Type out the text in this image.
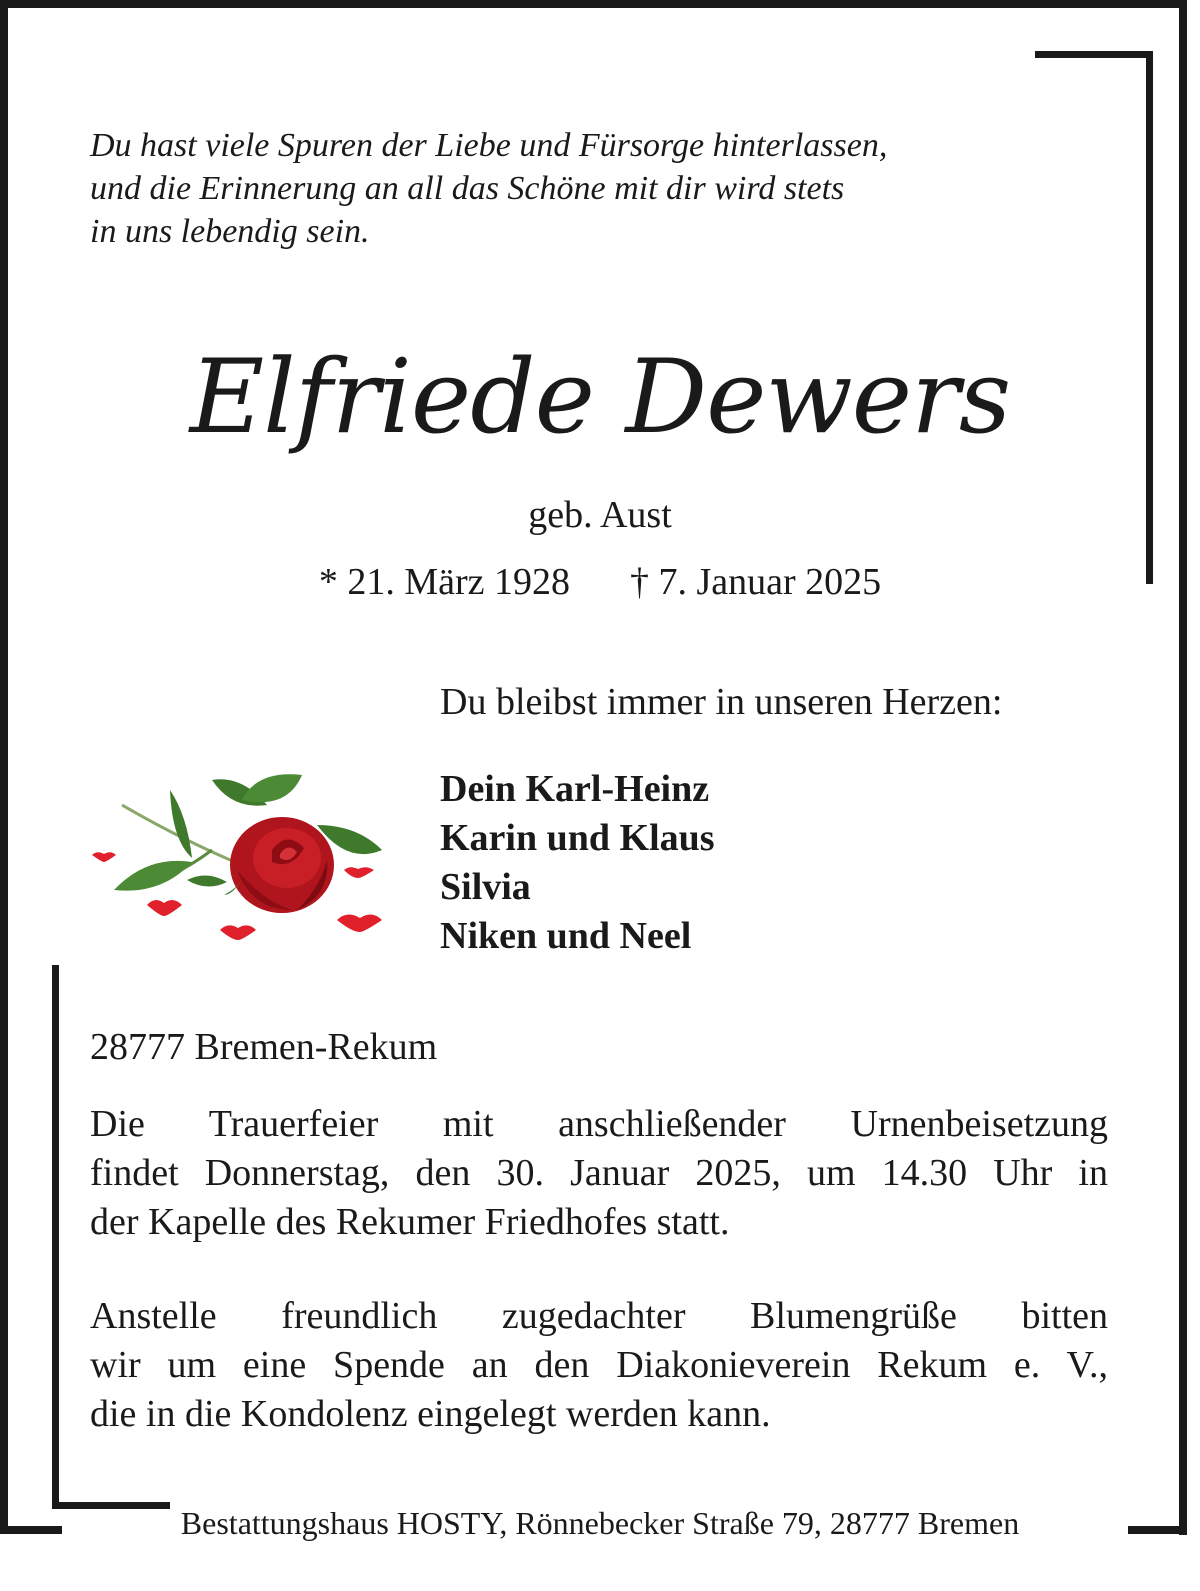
Du hast viele Spuren der Liebe und Fürsorge hinterlassen,
und die Erinnerung an all das Schöne mit dir wird stets
in uns lebendig sein.

Elfriede Dewers
geb. Aust
* 21. März 1928 † 7. Januar 2025
Du bleibst immer in unseren Herzen:
Dein Karl-Heinz
Karin und Klaus
Silvia
Niken und Neel
28777 Bremen-Rekum

Die Trauerfeier mit anschließender Urnenbeisetzung
findet Donnerstag, den 30. Januar 2025, um 14.30 Uhr in
der Kapelle des Rekumer Friedhofes statt.

Anstelle freundlich zugedachter Blumengrüße bitten
wir um eine Spende an den Diakonieverein Rekum e. V.,
die in die Kondolenz eingelegt werden kann.

Bestattungshaus HOSTY, Rönnebecker Straße 79, 28777 Bremen
